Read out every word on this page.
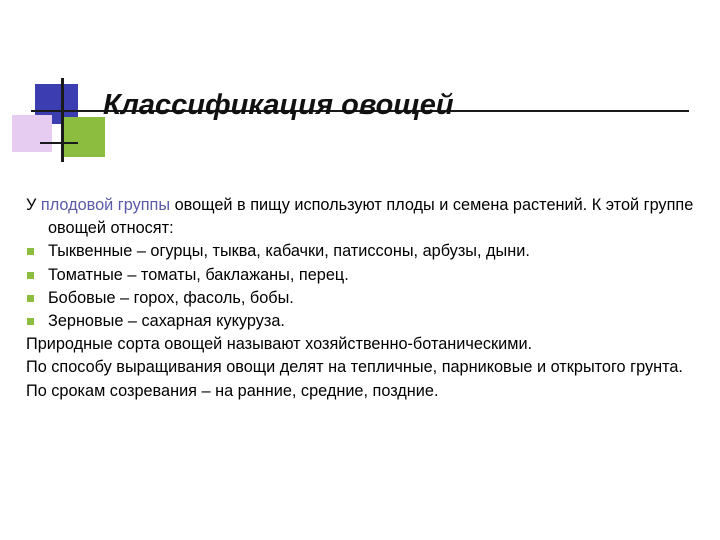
Классификация овощей

У плодовой группы овощей в пищу используют плоды и семена растений. К этой группе овощей относят:

Тыквенные – огурцы, тыква, кабачки, патиссоны, арбузы, дыни.

Томатные – томаты, баклажаны, перец.

Бобовые – горох, фасоль, бобы.

Зерновые – сахарная кукуруза.

Природные сорта овощей называют хозяйственно-ботаническими.

По способу выращивания овощи делят на тепличные, парниковые и открытого грунта.

По срокам созревания – на ранние, средние, поздние.
